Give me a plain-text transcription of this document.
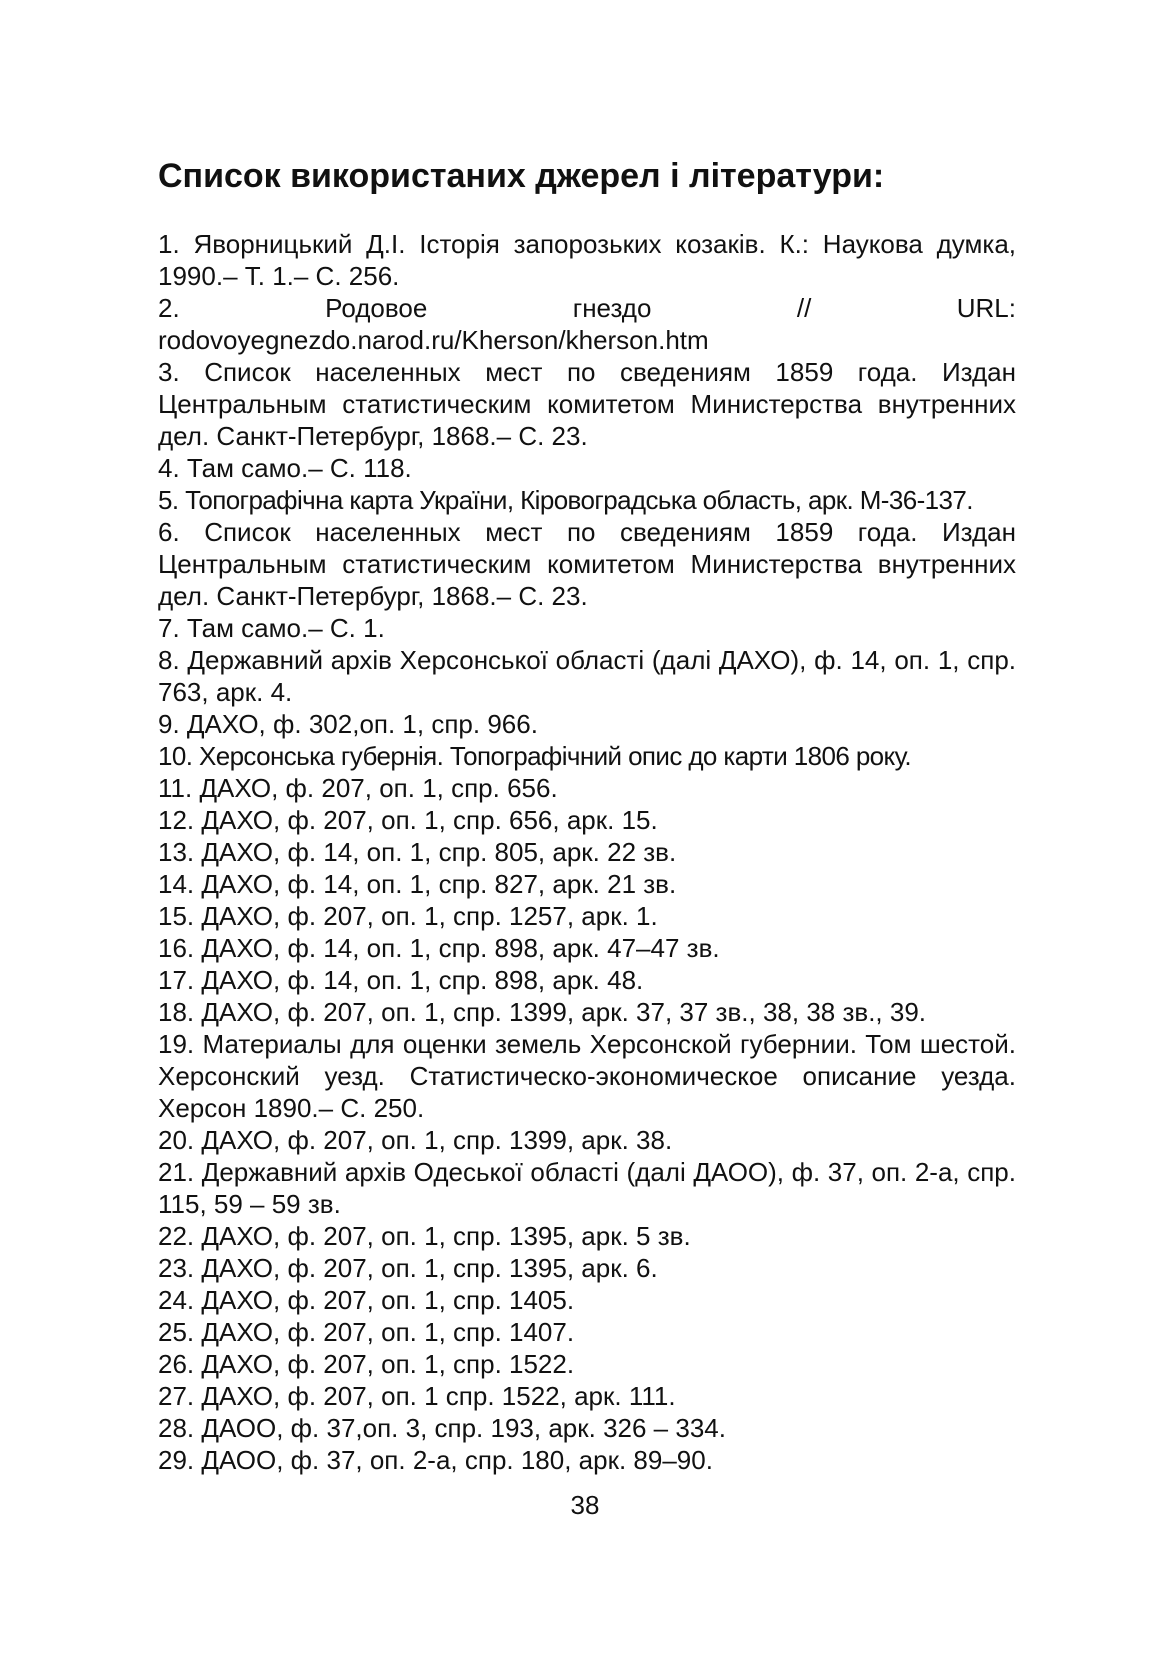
Список використаних джерел і літератури:
1. Яворницький Д.І. Історія запорозьких козаків. К.: Наукова думка, 1990.– Т. 1.– С. 256.
2. Родовое гнездо // URL:
rodovoyegnezdo.narod.ru/Kherson/kherson.htm
3. Список населенных мест по сведениям 1859 года. Издан Центральным статистическим комитетом Министерства внутренних дел. Санкт-Петербург, 1868.– С. 23.
4. Там само.– С. 118.
5. Топографічна карта України, Кіровоградська область, арк. М-36-137.
6. Список населенных мест по сведениям 1859 года. Издан Центральным статистическим комитетом Министерства внутренних дел. Санкт-Петербург, 1868.– С. 23.
7. Там само.– С. 1.
8. Державний архів Херсонської області (далі ДАХО), ф. 14, оп. 1, спр. 763, арк. 4.
9. ДАХО, ф. 302,оп. 1, спр. 966.
10. Херсонська губернія. Топографічний опис до карти 1806 року.
11. ДАХО, ф. 207, оп. 1, спр. 656.
12. ДАХО, ф. 207, оп. 1, спр. 656, арк. 15.
13. ДАХО, ф. 14, оп. 1, спр. 805, арк. 22 зв.
14. ДАХО, ф. 14, оп. 1, спр. 827, арк. 21 зв.
15. ДАХО, ф. 207, оп. 1, спр. 1257, арк. 1.
16. ДАХО, ф. 14, оп. 1, спр. 898, арк. 47–47 зв.
17. ДАХО, ф. 14, оп. 1, спр. 898, арк. 48.
18. ДАХО, ф. 207, оп. 1, спр. 1399, арк. 37, 37 зв., 38, 38 зв., 39.
19. Материалы для оценки земель Херсонской губернии. Том шестой. Херсонский уезд. Статистическо-экономическое описание уезда. Херсон 1890.– С. 250.
20. ДАХО, ф. 207, оп. 1, спр. 1399, арк. 38.
21. Державний архів Одеської області (далі ДАОО), ф. 37, оп. 2-а, спр. 115, 59 – 59 зв.
22. ДАХО, ф. 207, оп. 1, спр. 1395, арк. 5 зв.
23. ДАХО, ф. 207, оп. 1, спр. 1395, арк. 6.
24. ДАХО, ф. 207, оп. 1, спр. 1405.
25. ДАХО, ф. 207, оп. 1, спр. 1407.
26. ДАХО, ф. 207, оп. 1, спр. 1522.
27. ДАХО, ф. 207, оп. 1 спр. 1522, арк. 111.
28. ДАОО, ф. 37,оп. 3, спр. 193, арк. 326 – 334.
29. ДАОО, ф. 37, оп. 2-а, спр. 180, арк. 89–90.
38
